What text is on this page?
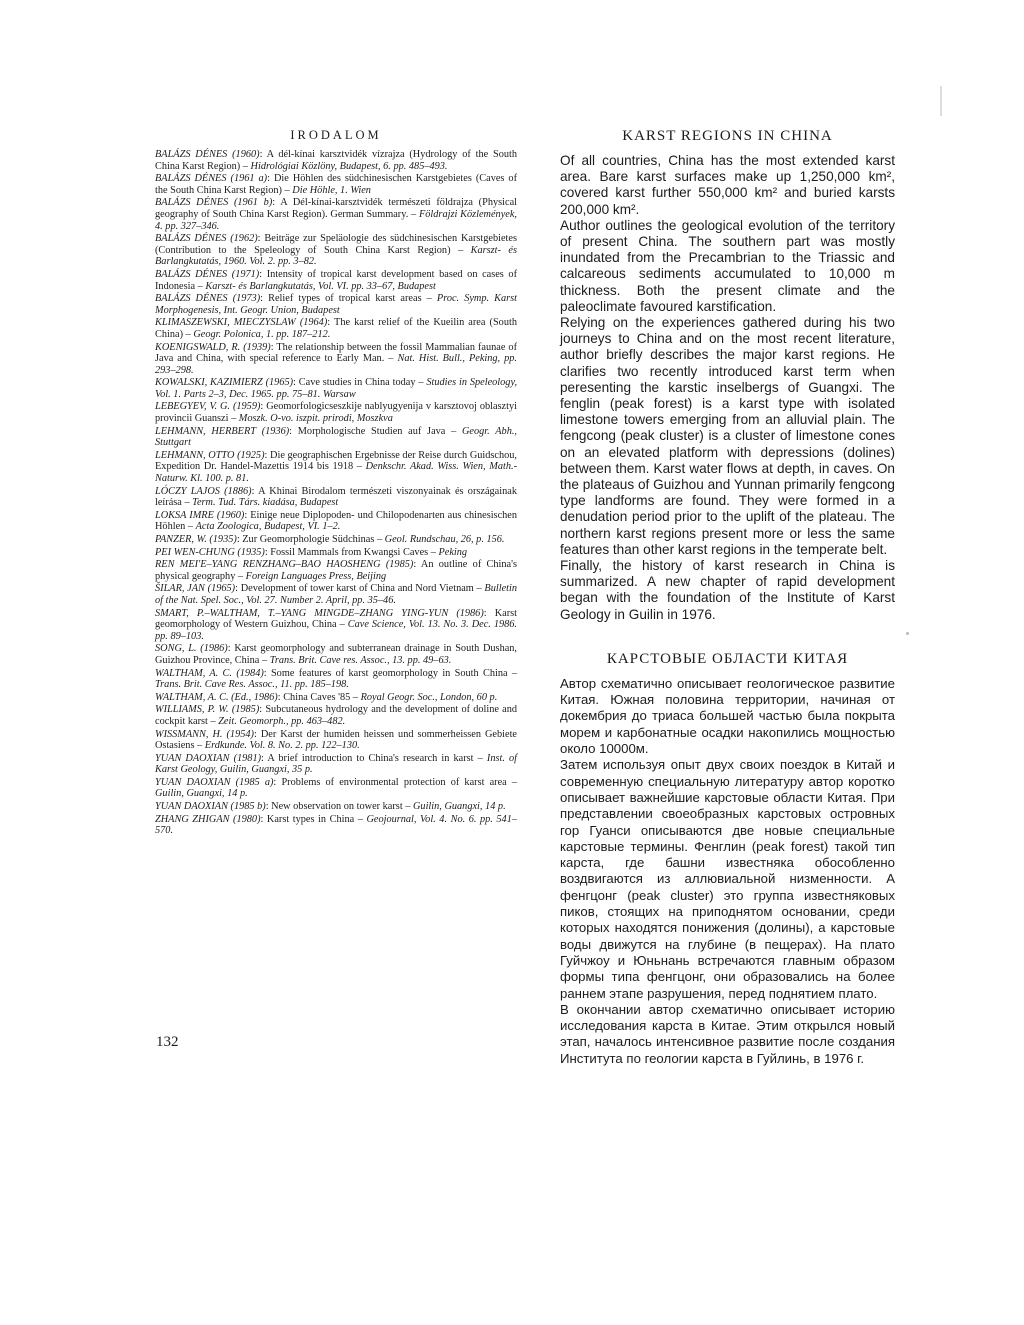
IRODALOM

BALÁZS DÉNES (1960): A dél-kínai karsztvidék vízrajza (Hydrology of the South China Karst Region) – Hidrológiai Közlöny, Budapest, 6. pp. 485–493.

BALÁZS DÉNES (1961 a): Die Höhlen des südchinesischen Karstgebietes (Caves of the South China Karst Region) – Die Höhle, 1. Wien

BALÁZS DÉNES (1961 b): A Dél-kínai-karsztvidék természeti földrajza (Physical geography of South China Karst Region). German Summary. – Földrajzi Közlemények, 4. pp. 327–346.

BALÁZS DÉNES (1962): Beiträge zur Speläologie des südchinesischen Karstgebietes (Contribution to the Speleology of South China Karst Region) – Karszt- és Barlangkutatás, 1960. Vol. 2. pp. 3–82.

BALÁZS DÉNES (1971): Intensity of tropical karst development based on cases of Indonesia – Karszt- és Barlangkutatás, Vol. VI. pp. 33–67, Budapest

BALÁZS DÉNES (1973): Relief types of tropical karst areas – Proc. Symp. Karst Morphogenesis, Int. Geogr. Union, Budapest

KLIMASZEWSKI, MIECZYSLAW (1964): The karst relief of the Kueilin area (South China) – Geogr. Polonica, 1. pp. 187–212.

KOENIGSWALD, R. (1939): The relationship between the fossil Mammalian faunae of Java and China, with special reference to Early Man. – Nat. Hist. Bull., Peking, pp. 293–298.

KOWALSKI, KAZIMIERZ (1965): Cave studies in China today – Studies in Speleology, Vol. 1. Parts 2–3, Dec. 1965. pp. 75–81. Warsaw

LEBEGYEV, V. G. (1959): Geomorfologicseszkije nablyugyenija v karsztovoj oblasztyi provincii Guanszi – Moszk. O-vo. iszpit. prirodi, Moszkva

LEHMANN, HERBERT (1936): Morphologische Studien auf Java – Geogr. Abh., Stuttgart

LEHMANN, OTTO (1925): Die geographischen Ergebnisse der Reise durch Guidschou, Expedition Dr. Handel-Mazettis 1914 bis 1918 – Denkschr. Akad. Wiss. Wien, Math.-Naturw. Kl. 100. p. 81.

LÓCZY LAJOS (1886): A Khinai Birodalom természeti viszonyainak és országainak leírása – Term. Tud. Társ. kiadása, Budapest

LOKSA IMRE (1960): Einige neue Diplopoden- und Chilopodenarten aus chinesischen Höhlen – Acta Zoologica, Budapest, VI. 1–2.

PANZER, W. (1935): Zur Geomorphologie Südchinas – Geol. Rundschau, 26, p. 156.

PEI WEN-CHUNG (1935): Fossil Mammals from Kwangsi Caves – Peking

REN MEI'E–YANG RENZHANG–BAO HAOSHENG (1985): An outline of China's physical geography – Foreign Languages Press, Beijing

ŠILAR, JAN (1965): Development of tower karst of China and Nord Vietnam – Bulletin of the Nat. Spel. Soc., Vol. 27. Number 2. April, pp. 35–46.

SMART, P.–WALTHAM, T.–YANG MINGDE–ZHANG YING-YUN (1986): Karst geomorphology of Western Guizhou, China – Cave Science, Vol. 13. No. 3. Dec. 1986. pp. 89–103.

SONG, L. (1986): Karst geomorphology and subterranean drainage in South Dushan, Guizhou Province, China – Trans. Brit. Cave res. Assoc., 13. pp. 49–63.

WALTHAM, A. C. (1984): Some features of karst geomorphology in South China – Trans. Brit. Cave Res. Assoc., 11. pp. 185–198.

WALTHAM, A. C. (Ed., 1986): China Caves '85 – Royal Geogr. Soc., London, 60 p.

WILLIAMS, P. W. (1985): Subcutaneous hydrology and the development of doline and cockpit karst – Zeit. Geomorph., pp. 463–482.

WISSMANN, H. (1954): Der Karst der humiden heissen und sommerheissen Gebiete Ostasiens – Erdkunde. Vol. 8. No. 2. pp. 122–130.

YUAN DAOXIAN (1981): A brief introduction to China's research in karst – Inst. of Karst Geology, Guilin, Guangxi, 35 p.

YUAN DAOXIAN (1985 a): Problems of environmental protection of karst area – Guilin, Guangxi, 14 p.

YUAN DAOXIAN (1985 b): New observation on tower karst – Guilin, Guangxi, 14 p.

ZHANG ZHIGAN (1980): Karst types in China – Geojournal, Vol. 4. No. 6. pp. 541–570.

KARST REGIONS IN CHINA

Of all countries, China has the most extended karst area. Bare karst surfaces make up 1,250,000 km², covered karst further 550,000 km² and buried karsts 200,000 km².

Author outlines the geological evolution of the territory of present China. The southern part was mostly inundated from the Precambrian to the Triassic and calcareous sediments accumulated to 10,000 m thickness. Both the present climate and the paleoclimate favoured karstification.

Relying on the experiences gathered during his two journeys to China and on the most recent literature, author briefly describes the major karst regions. He clarifies two recently introduced karst term when peresenting the karstic inselbergs of Guangxi. The fenglin (peak forest) is a karst type with isolated limestone towers emerging from an alluvial plain. The fengcong (peak cluster) is a cluster of limestone cones on an elevated platform with depressions (dolines) between them. Karst water flows at depth, in caves. On the plateaus of Guizhou and Yunnan primarily fengcong type landforms are found. They were formed in a denudation period prior to the uplift of the plateau. The northern karst regions present more or less the same features than other karst regions in the temperate belt.

Finally, the history of karst research in China is summarized. A new chapter of rapid development began with the foundation of the Institute of Karst Geology in Guilin in 1976.

КАРСТОВЫЕ ОБЛАСТИ КИТАЯ

Автор схематично описывает геологическое развитие Китая. Южная половина территории, начиная от докембрия до триаса большей частью была покрыта морем и карбонатные осадки накопились мощностью около 10000м.

Затем используя опыт двух своих поездок в Китай и современную специальную литературу автор коротко описывает важнейшие карстовые области Китая. При представлении своеобразных карстовых островных гор Гуанси описываются две новые специальные карстовые термины. Фенглин (peak forest) такой тип карста, где башни известняка обособленно воздвигаются из аллювиальной низменности. А фенгцонг (peak cluster) это группа известняковых пиков, стоящих на приподнятом основании, среди которых находятся понижения (долины), а карстовые воды движутся на глубине (в пещерах). На плато Гуйчжоу и Юньнань встречаются главным образом формы типа фенгцонг, они образовались на более раннем этапе разрушения, перед поднятием плато.

В окончании автор схематично описывает историю исследования карста в Китае. Этим открылся новый этап, началось интенсивное развитие после создания Института по геологии карста в Гуйлинь, в 1976 г.

132
